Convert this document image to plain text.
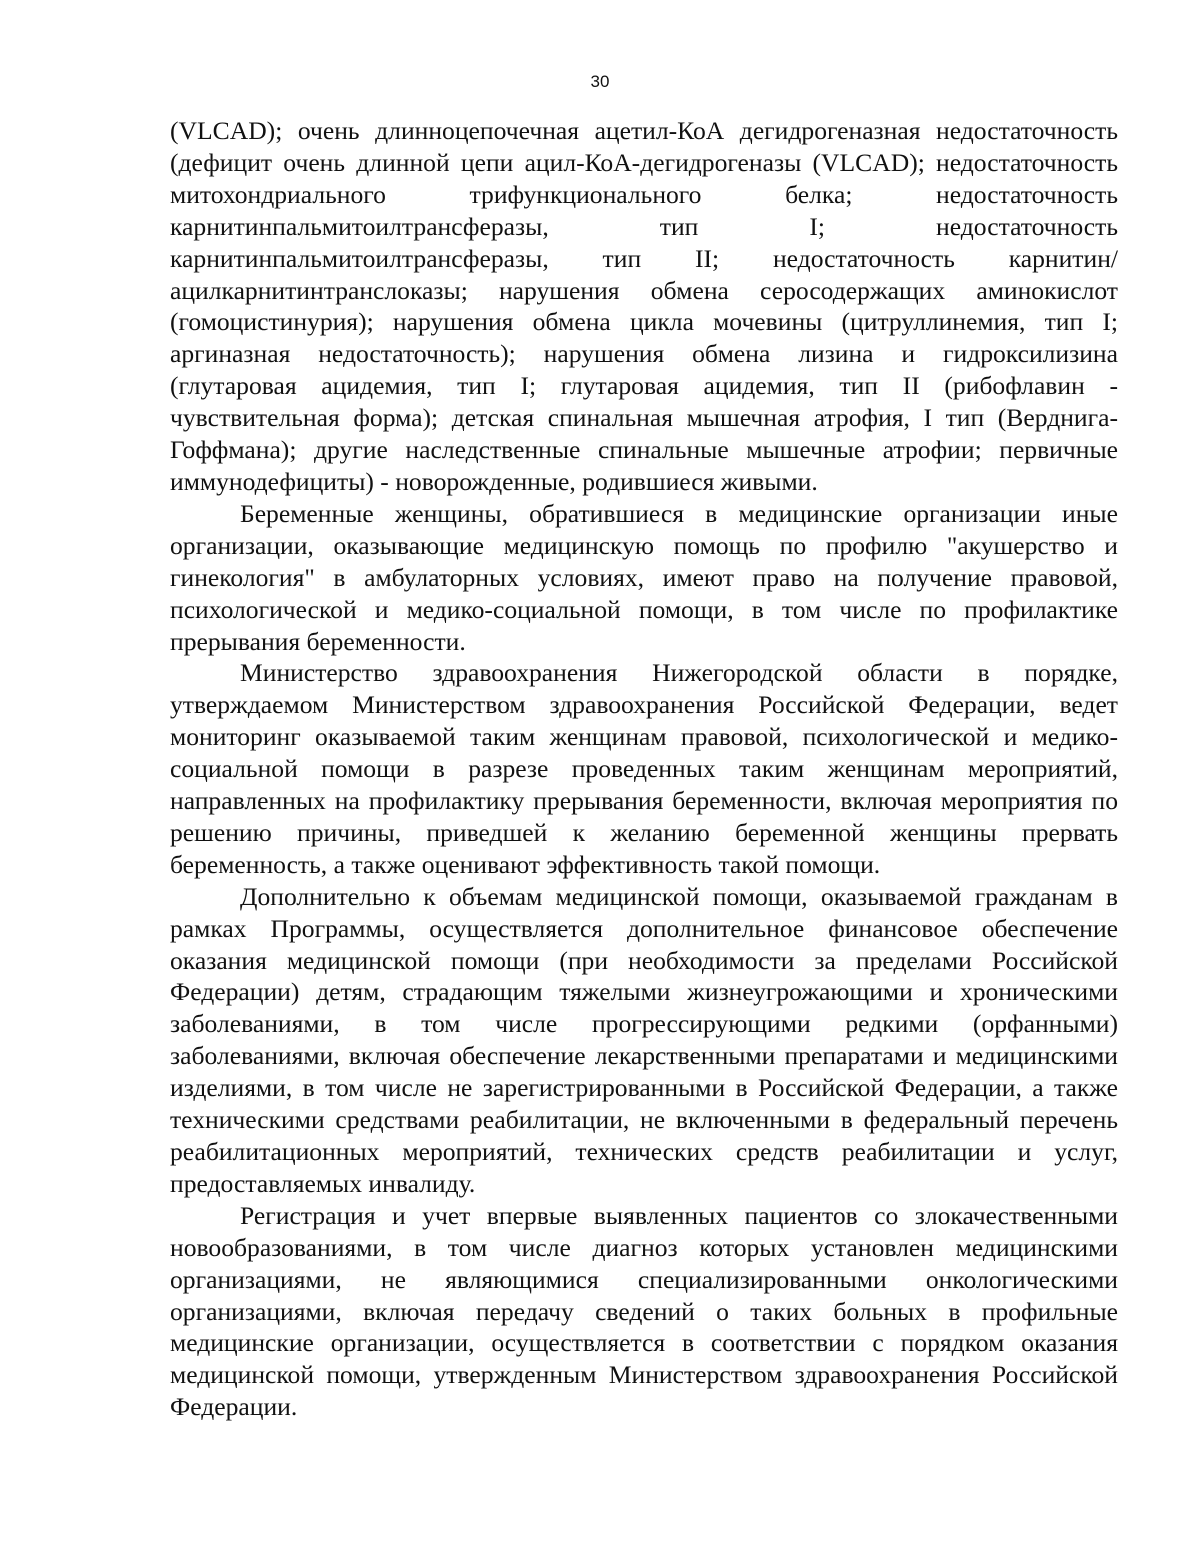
30

(VLCAD); очень длинноцепочечная ацетил-КоА дегидрогеназная недостаточность (дефицит очень длинной цепи ацил-КоА-дегидрогеназы (VLCAD); недостаточность митохондриального трифункционального белка; недостаточность карнитинпальмитоилтрансферазы, тип I; недостаточность карнитинпальмитоилтрансферазы, тип II; недостаточность карнитин/ацилкарнитинтранслоказы; нарушения обмена серосодержащих аминокислот (гомоцистинурия); нарушения обмена цикла мочевины (цитруллинемия, тип I; аргиназная недостаточность); нарушения обмена лизина и гидроксилизина (глутаровая ацидемия, тип I; глутаровая ацидемия, тип II (рибофлавин - чувствительная форма); детская спинальная мышечная атрофия, I тип (Верднига-Гоффмана); другие наследственные спинальные мышечные атрофии; первичные иммунодефициты) - новорожденные, родившиеся живыми.

Беременные женщины, обратившиеся в медицинские организации иные организации, оказывающие медицинскую помощь по профилю "акушерство и гинекология" в амбулаторных условиях, имеют право на получение правовой, психологической и медико-социальной помощи, в том числе по профилактике прерывания беременности.

Министерство здравоохранения Нижегородской области в порядке, утверждаемом Министерством здравоохранения Российской Федерации, ведет мониторинг оказываемой таким женщинам правовой, психологической и медико-социальной помощи в разрезе проведенных таким женщинам мероприятий, направленных на профилактику прерывания беременности, включая мероприятия по решению причины, приведшей к желанию беременной женщины прервать беременность, а также оценивают эффективность такой помощи.

Дополнительно к объемам медицинской помощи, оказываемой гражданам в рамках Программы, осуществляется дополнительное финансовое обеспечение оказания медицинской помощи (при необходимости за пределами Российской Федерации) детям, страдающим тяжелыми жизнеугрожающими и хроническими заболеваниями, в том числе прогрессирующими редкими (орфанными) заболеваниями, включая обеспечение лекарственными препаратами и медицинскими изделиями, в том числе не зарегистрированными в Российской Федерации, а также техническими средствами реабилитации, не включенными в федеральный перечень реабилитационных мероприятий, технических средств реабилитации и услуг, предоставляемых инвалиду.

Регистрация и учет впервые выявленных пациентов со злокачественными новообразованиями, в том числе диагноз которых установлен медицинскими организациями, не являющимися специализированными онкологическими организациями, включая передачу сведений о таких больных в профильные медицинские организации, осуществляется в соответствии с порядком оказания медицинской помощи, утвержденным Министерством здравоохранения Российской Федерации.
